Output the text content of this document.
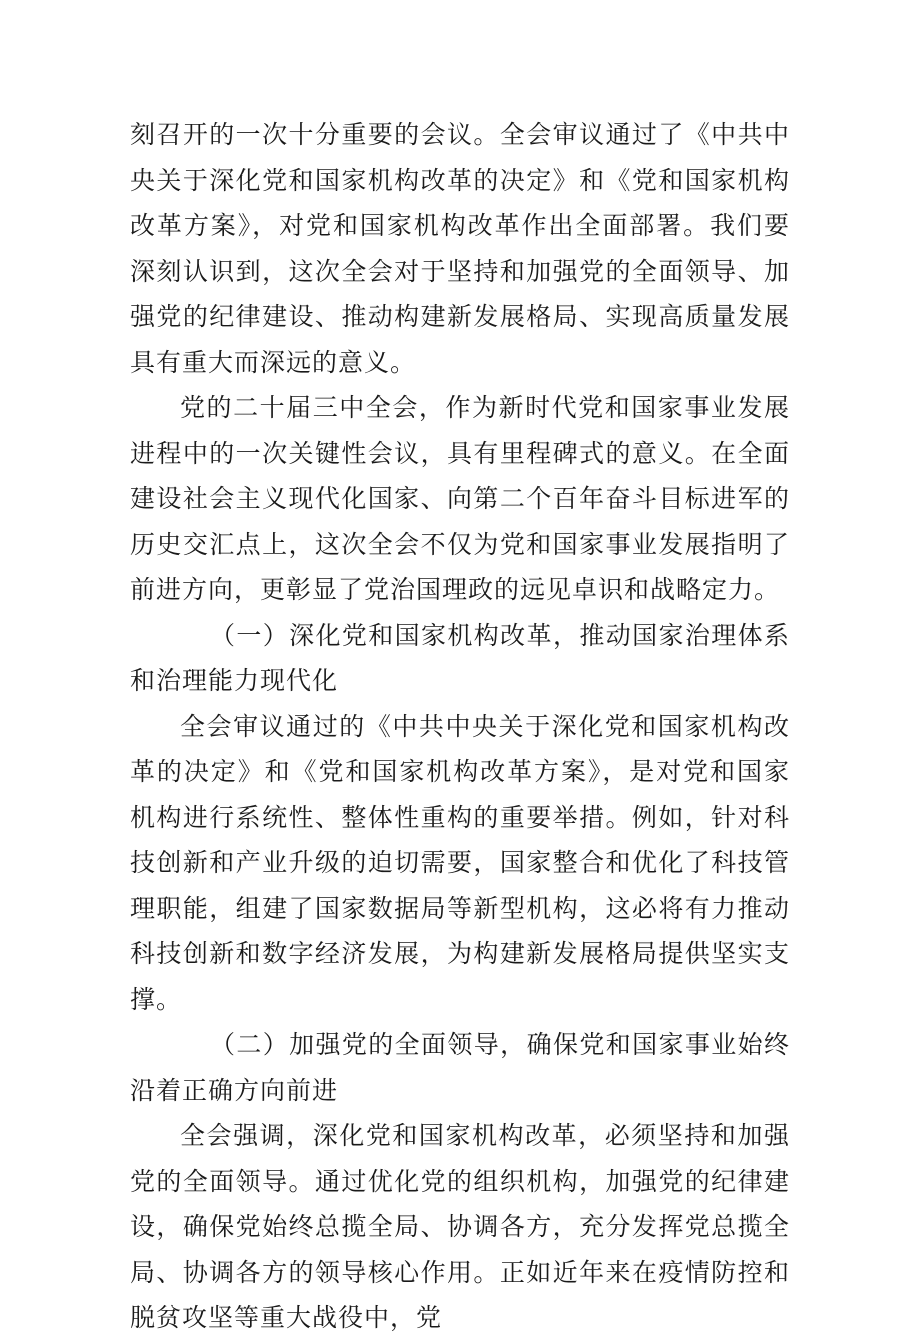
刻召开的一次十分重要的会议。全会审议通过了《中共中央关于深化党和国家机构改革的决定》和《党和国家机构改革方案》，对党和国家机构改革作出全面部署。我们要深刻认识到，这次全会对于坚持和加强党的全面领导、加强党的纪律建设、推动构建新发展格局、实现高质量发展具有重大而深远的意义。

党的二十届三中全会，作为新时代党和国家事业发展进程中的一次关键性会议，具有里程碑式的意义。在全面建设社会主义现代化国家、向第二个百年奋斗目标进军的历史交汇点上，这次全会不仅为党和国家事业发展指明了前进方向，更彰显了党治国理政的远见卓识和战略定力。

（一）深化党和国家机构改革，推动国家治理体系和治理能力现代化

全会审议通过的《中共中央关于深化党和国家机构改革的决定》和《党和国家机构改革方案》，是对党和国家机构进行系统性、整体性重构的重要举措。例如，针对科技创新和产业升级的迫切需要，国家整合和优化了科技管理职能，组建了国家数据局等新型机构，这必将有力推动科技创新和数字经济发展，为构建新发展格局提供坚实支撑。

（二）加强党的全面领导，确保党和国家事业始终沿着正确方向前进

全会强调，深化党和国家机构改革，必须坚持和加强党的全面领导。通过优化党的组织机构，加强党的纪律建设，确保党始终总揽全局、协调各方，充分发挥党总揽全局、协调各方的领导核心作用。正如近年来在疫情防控和脱贫攻坚等重大战役中，党
